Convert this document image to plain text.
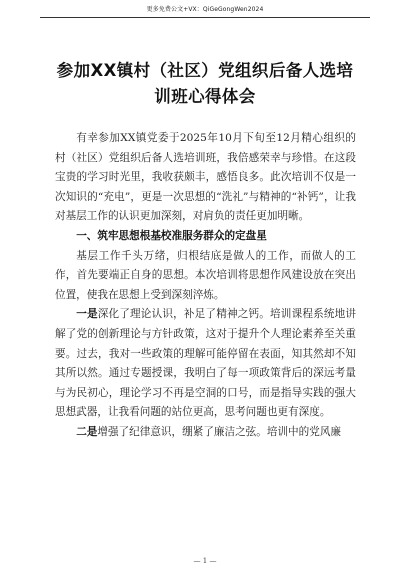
更多免费公文+VX：QiGeGongWen2024
参加XX镇村（社区）党组织后备人选培
训班心得体会

有幸参加XX镇党委于2025年10月下旬至12月精心组织的村（社区）党组织后备人选培训班，我倍感荣幸与珍惜。在这段宝贵的学习时光里，我收获颇丰，感悟良多。此次培训不仅是一次知识的“充电”，更是一次思想的“洗礼”与精神的“补钙”，让我对基层工作的认识更加深刻，对肩负的责任更加明晰。

一、筑牢思想根基校准服务群众的定盘星

基层工作千头万绪，归根结底是做人的工作，而做人的工作，首先要端正自身的思想。本次培训将思想作风建设放在突出位置，使我在思想上受到深刻淬炼。

一是深化了理论认识，补足了精神之钙。培训课程系统地讲解了党的创新理论与方针政策，这对于提升个人理论素养至关重要。过去，我对一些政策的理解可能停留在表面，知其然却不知其所以然。通过专题授课，我明白了每一项政策背后的深远考量与为民初心，理论学习不再是空洞的口号，而是指导实践的强大思想武器，让我看问题的站位更高，思考问题也更有深度。

二是增强了纪律意识，绷紧了廉洁之弦。培训中的党风廉

— 1 —
